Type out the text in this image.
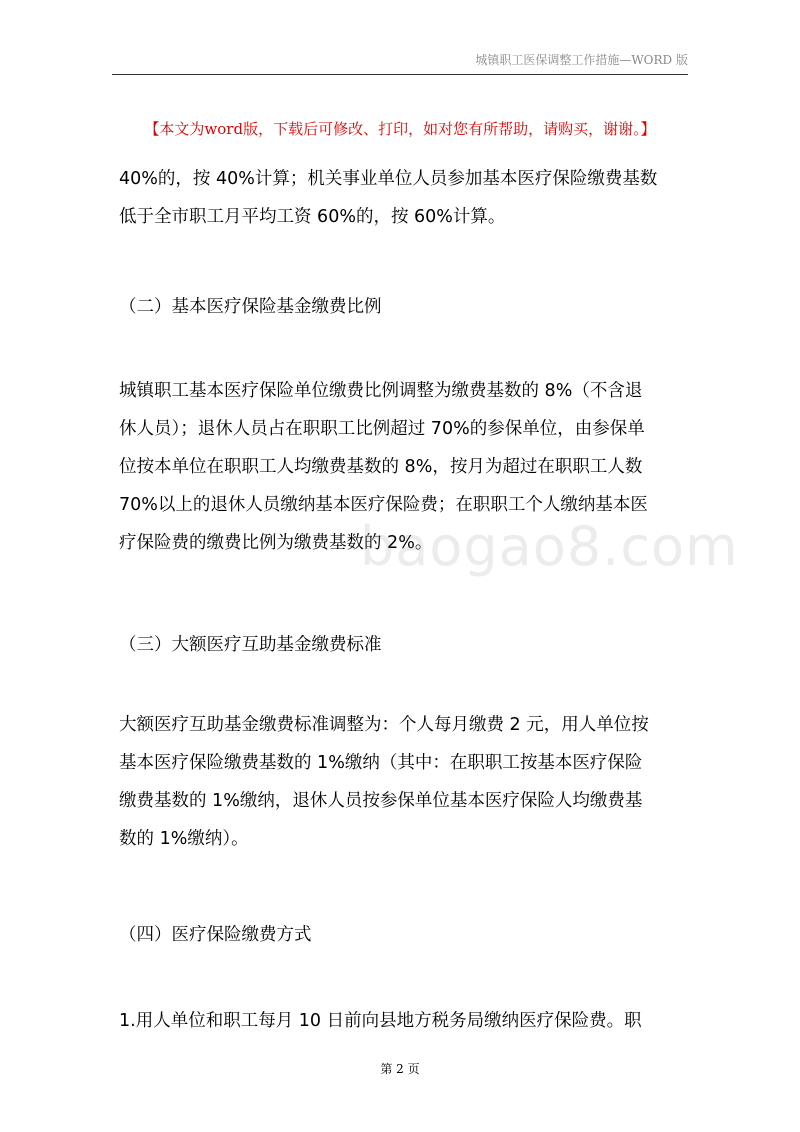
城镇职工医保调整工作措施—WORD 版
【本文为word版，下载后可修改、打印，如对您有所帮助，请购买，谢谢。】
40%的，按 40%计算；机关事业单位人员参加基本医疗保险缴费基数
低于全市职工月平均工资 60%的，按 60%计算。
（二）基本医疗保险基金缴费比例
城镇职工基本医疗保险单位缴费比例调整为缴费基数的 8%（不含退
休人员）；退休人员占在职职工比例超过 70%的参保单位，由参保单
位按本单位在职职工人均缴费基数的 8%，按月为超过在职职工人数
70%以上的退休人员缴纳基本医疗保险费；在职职工个人缴纳基本医
疗保险费的缴费比例为缴费基数的 2%。
baogao8.com
（三）大额医疗互助基金缴费标准
大额医疗互助基金缴费标准调整为：个人每月缴费 2 元，用人单位按
基本医疗保险缴费基数的 1%缴纳（其中：在职职工按基本医疗保险
缴费基数的 1%缴纳，退休人员按参保单位基本医疗保险人均缴费基
数的 1%缴纳）。
（四）医疗保险缴费方式
1.用人单位和职工每月 10 日前向县地方税务局缴纳医疗保险费。职
第 2 页
